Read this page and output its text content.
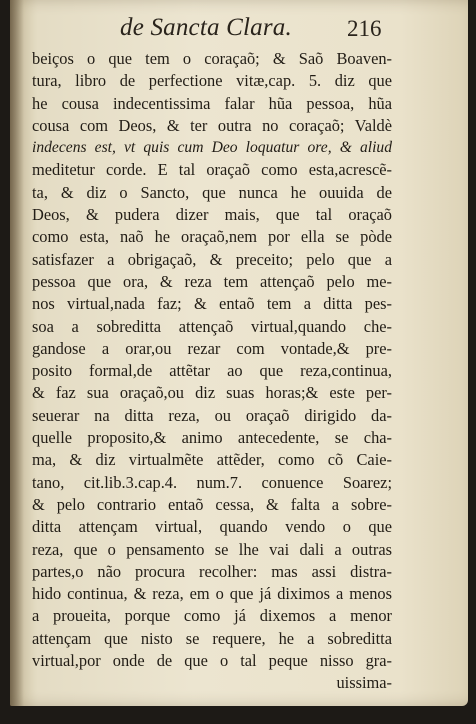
de Sancta Clara. 216
beiços o que tem o coraçaõ; & Saõ Boaven-
tura, libro de perfectione vitæ,cap. 5. diz que
he cousa indecentissima falar hũa pessoa, hũa
cousa com Deos, & ter outra no coraçaõ; Valdè
indecens est, vt quis cum Deo loquatur ore, & aliud
meditetur corde. E tal oraçaõ como esta,acrescẽ-
ta, & diz o Sancto, que nunca he ouuida de
Deos, & pudera dizer mais, que tal oraçaõ
como esta, naõ he oraçaõ,nem por ella se pòde
satisfazer a obrigaçaõ, & preceito; pelo que a
pessoa que ora, & reza tem attençaõ pelo me-
nos virtual,nada faz; & entaõ tem a ditta pes-
soa a sobreditta attençaõ virtual,quando che-
gandose a orar,ou rezar com vontade,& pre-
posito formal,de attẽtar ao que reza,continua,
& faz sua oraçaõ,ou diz suas horas;& este per-
seuerar na ditta reza, ou oraçaõ dirigido da-
quelle proposito,& animo antecedente, se cha-
ma, & diz virtualmẽte attẽder, como cõ Caie-
tano, cit.lib.3.cap.4. num.7. conuence Soarez;
& pelo contrario entaõ cessa, & falta a sobre-
ditta attençam virtual, quando vendo o que
reza, que o pensamento se lhe vai dali a outras
partes,o não procura recolher: mas assi distra-
hido continua, & reza, em o que já diximos a menos
a proueita, porque como já dixemos a menor
attençam que nisto se requere, he a sobreditta
virtual,por onde de que o tal peque nisso gra-
uissima-
